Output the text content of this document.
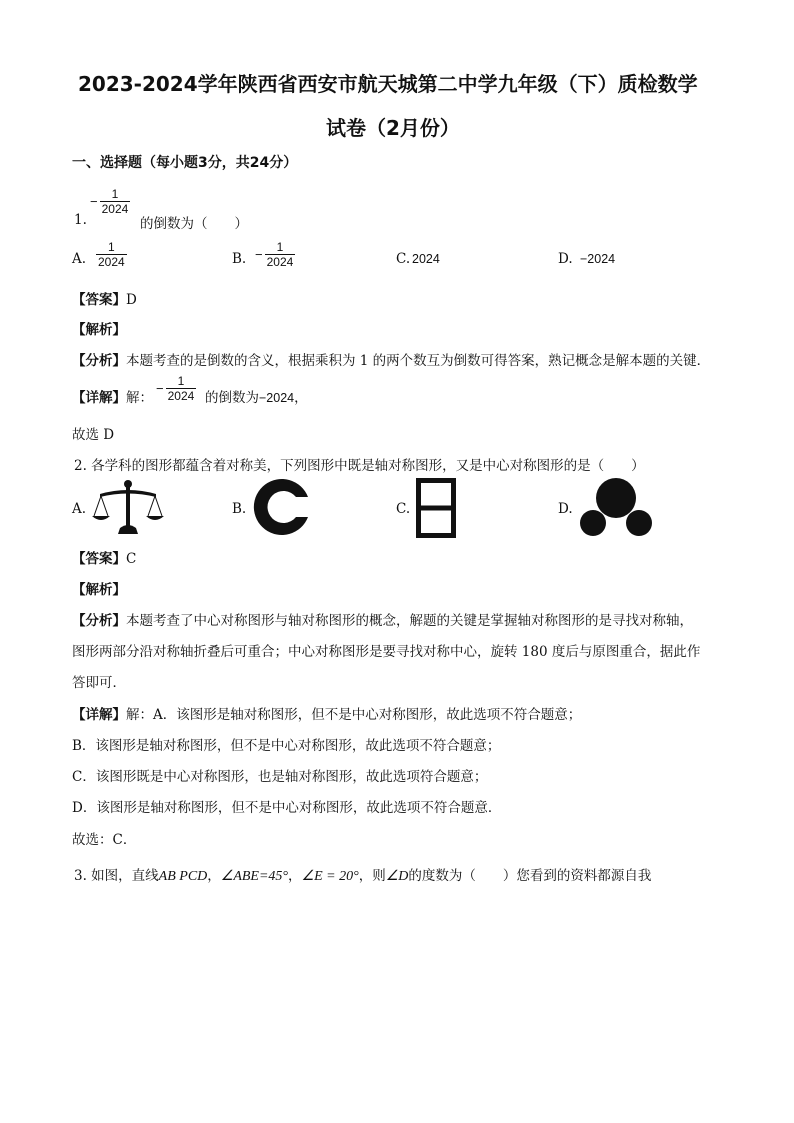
2023-2024学年陕西省西安市航天城第二中学九年级（下）质检数学
试卷（2月份）
一、选择题（每小题3分，共24分）
1.
− $\frac{1}{2024}$
的倒数为（　　）
A. $\frac{1}{2024}$	B. − $\frac{1}{2024}$	C. 2024	D. −2024
【答案】D
【解析】
【分析】本题考查的是倒数的含义，根据乘积为 1 的两个数互为倒数可得答案，熟记概念是解本题的关键．
【详解】解：
− $\frac{1}{2024}$ 的倒数为−2024，
故选 D
2. 各学科的图形都蕴含着对称美，下列图形中既是轴对称图形，又是中心对称图形的是（　　）
A.	B.	C.	D.
【答案】C
【解析】
【分析】本题考查了中心对称图形与轴对称图形的概念，解题的关键是掌握轴对称图形的是寻找对称轴，
图形两部分沿对称轴折叠后可重合；中心对称图形是要寻找对称中心，旋转 180 度后与原图重合，据此作
答即可．
【详解】解：A．该图形是轴对称图形，但不是中心对称图形，故此选项不符合题意；
B．该图形是轴对称图形，但不是中心对称图形，故此选项不符合题意；
C．该图形既是中心对称图形，也是轴对称图形，故此选项符合题意；
D．该图形是轴对称图形，但不是中心对称图形，故此选项不符合题意．
故选：C．
3. 如图，直线AB PCD，∠ABE=45°，∠E = 20°，则∠D的度数为（　　）您看到的资料都源自我
